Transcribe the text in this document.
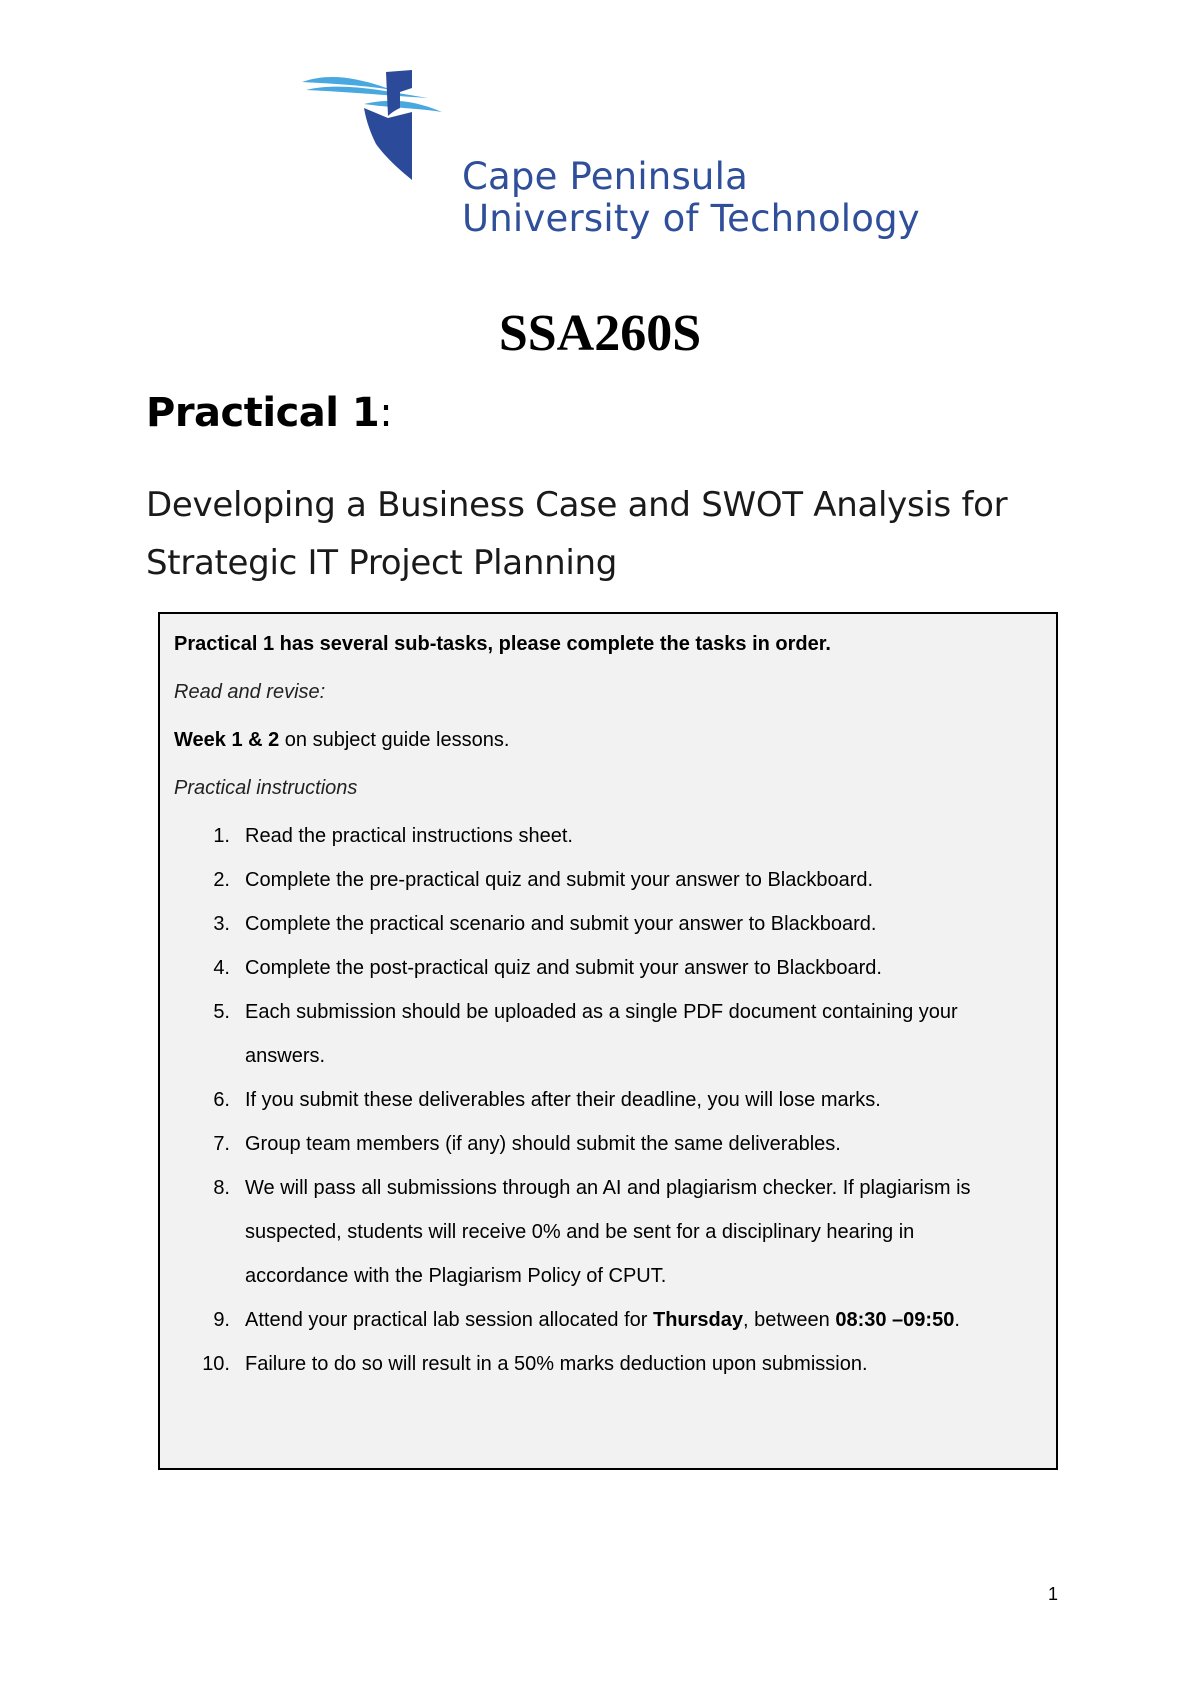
Cape Peninsula
University of Technology
SSA260S
Practical 1:
Developing a Business Case and SWOT Analysis for
Strategic IT Project Planning

Practical 1 has several sub-tasks, please complete the tasks in order.

Read and revise:

Week 1 & 2 on subject guide lessons.

Practical instructions

1. Read the practical instructions sheet.
2. Complete the pre-practical quiz and submit your answer to Blackboard.
3. Complete the practical scenario and submit your answer to Blackboard.
4. Complete the post-practical quiz and submit your answer to Blackboard.
5. Each submission should be uploaded as a single PDF document containing your
answers.
6. If you submit these deliverables after their deadline, you will lose marks.
7. Group team members (if any) should submit the same deliverables.
8. We will pass all submissions through an AI and plagiarism checker. If plagiarism is
suspected, students will receive 0% and be sent for a disciplinary hearing in
accordance with the Plagiarism Policy of CPUT.
9. Attend your practical lab session allocated for Thursday, between 08:30 –09:50.
10. Failure to do so will result in a 50% marks deduction upon submission.
1
